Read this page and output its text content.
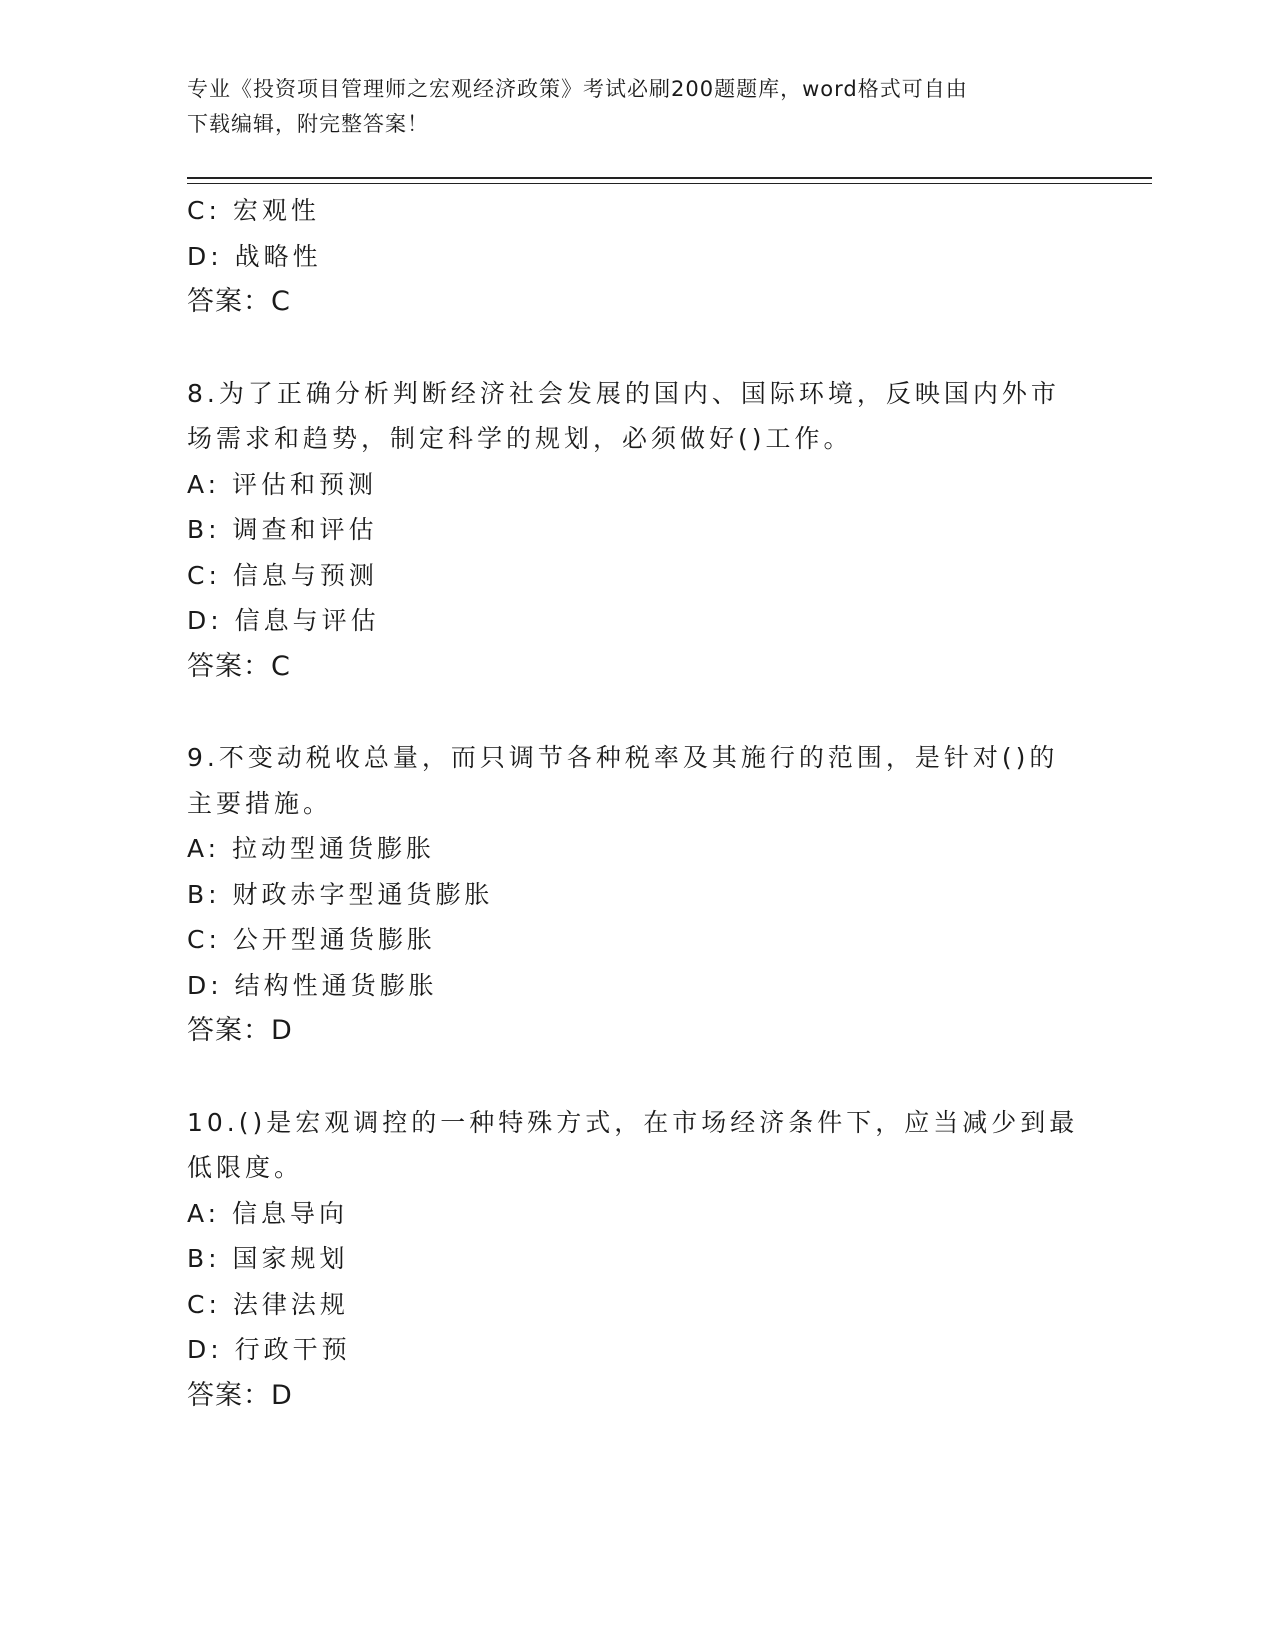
专业《投资项目管理师之宏观经济政策》考试必刷200题题库，word格式可自由
下载编辑，附完整答案！
C: 宏观性
D: 战略性
答案：C
8.为了正确分析判断经济社会发展的国内、国际环境，反映国内外市
场需求和趋势，制定科学的规划，必须做好()工作。
A: 评估和预测
B: 调查和评估
C: 信息与预测
D: 信息与评估
答案：C
9.不变动税收总量，而只调节各种税率及其施行的范围，是针对()的
主要措施。
A: 拉动型通货膨胀
B: 财政赤字型通货膨胀
C: 公开型通货膨胀
D: 结构性通货膨胀
答案：D
10.()是宏观调控的一种特殊方式，在市场经济条件下，应当减少到最
低限度。
A: 信息导向
B: 国家规划
C: 法律法规
D: 行政干预
答案：D
